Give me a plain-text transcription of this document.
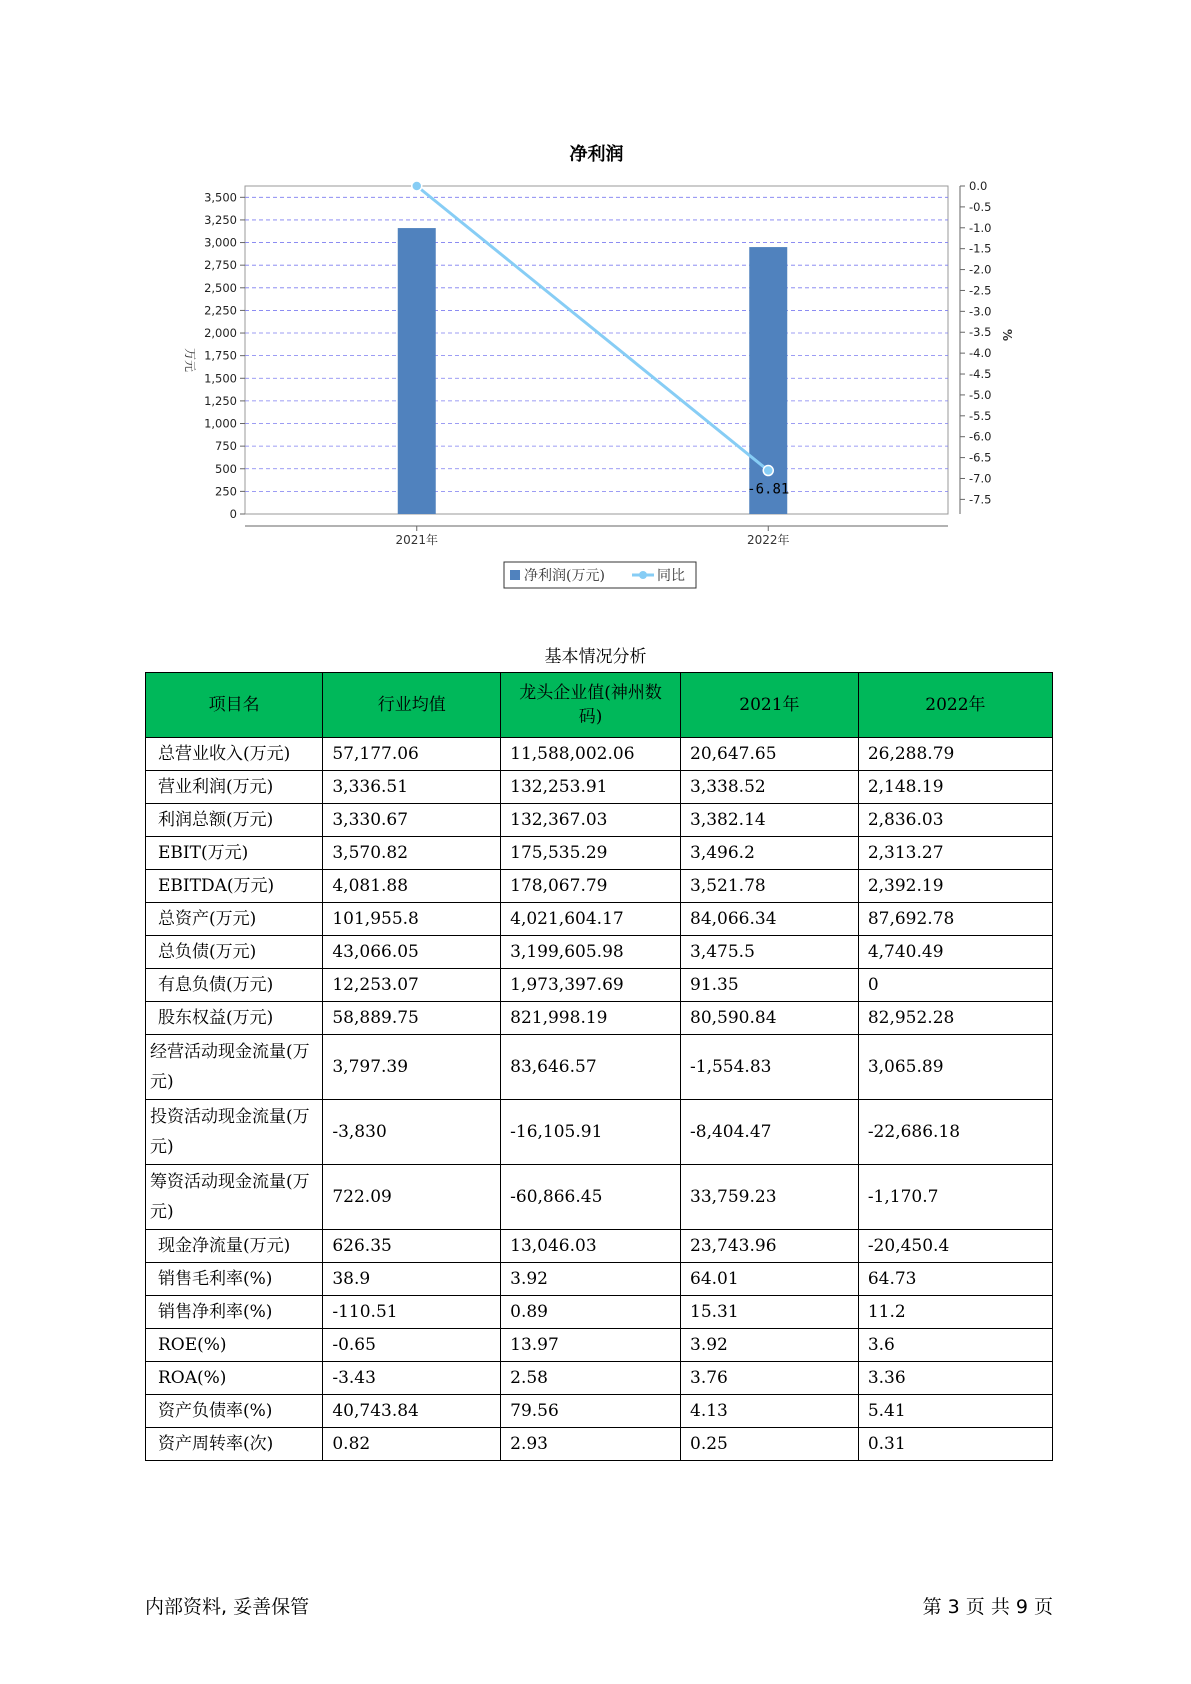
净利润
0
250
500
750
1,000
1,250
1,500
1,750
2,000
2,250
2,500
2,750
3,000
3,250
3,500
0.0
-0.5
-1.0
-1.5
-2.0
-2.5
-3.0
-3.5
-4.0
-4.5
-5.0
-5.5
-6.0
-6.5
-7.0
-7.5
万元
%
2021年	2022年
-6.81
净利润(万元)	同比
基本情况分析
项目名	行业均值	龙头企业值(神州数码)	2021年	2022年
总营业收入(万元)	57,177.06	11,588,002.06	20,647.65	26,288.79
营业利润(万元)	3,336.51	132,253.91	3,338.52	2,148.19
利润总额(万元)	3,330.67	132,367.03	3,382.14	2,836.03
EBIT(万元)	3,570.82	175,535.29	3,496.2	2,313.27
EBITDA(万元)	4,081.88	178,067.79	3,521.78	2,392.19
总资产(万元)	101,955.8	4,021,604.17	84,066.34	87,692.78
总负债(万元)	43,066.05	3,199,605.98	3,475.5	4,740.49
有息负债(万元)	12,253.07	1,973,397.69	91.35	0
股东权益(万元)	58,889.75	821,998.19	80,590.84	82,952.28
经营活动现金流量(万元)	3,797.39	83,646.57	-1,554.83	3,065.89
投资活动现金流量(万元)	-3,830	-16,105.91	-8,404.47	-22,686.18
筹资活动现金流量(万元)	722.09	-60,866.45	33,759.23	-1,170.7
现金净流量(万元)	626.35	13,046.03	23,743.96	-20,450.4
销售毛利率(%)	38.9	3.92	64.01	64.73
销售净利率(%)	-110.51	0.89	15.31	11.2
ROE(%)	-0.65	13.97	3.92	3.6
ROA(%)	-3.43	2.58	3.76	3.36
资产负债率(%)	40,743.84	79.56	4.13	5.41
资产周转率(次)	0.82	2.93	0.25	0.31
内部资料, 妥善保管	第 3 页 共 9 页
